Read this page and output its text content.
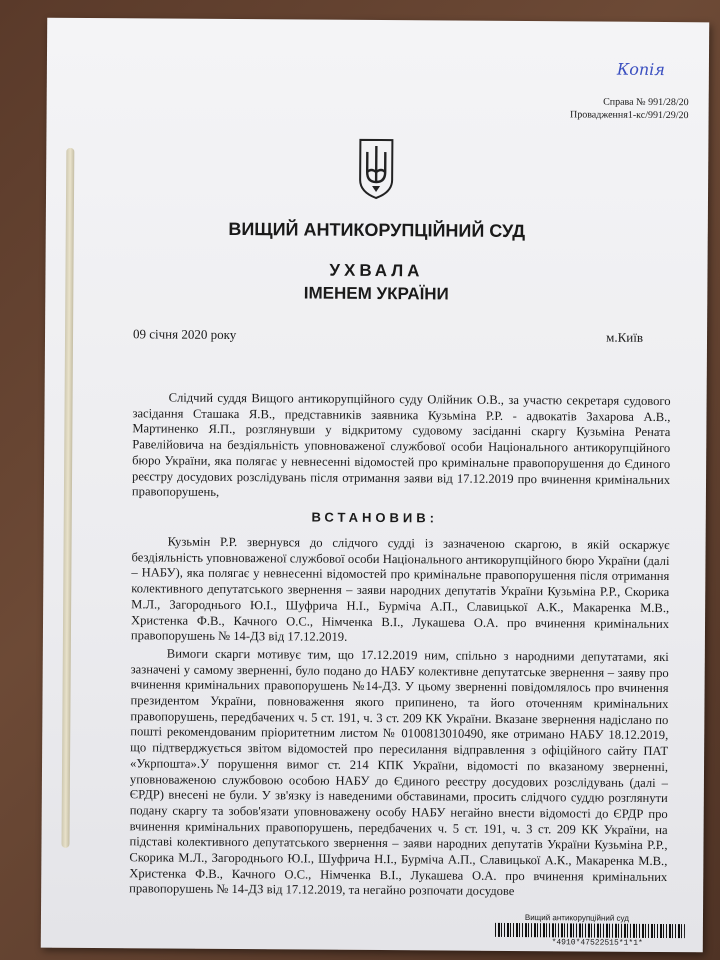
Копія
Справа № 991/28/20
Провадження1-кс/991/29/20
ВИЩИЙ АНТИКОРУПЦІЙНИЙ СУД
УХВАЛА
ІМЕНЕМ УКРАЇНИ
09 січня 2020 року	м.Київ

Слідчий суддя Вищого антикорупційного суду Олійник О.В., за участю секретаря судового засідання Сташака Я.В., представників заявника Кузьміна Р.Р. - адвокатів Захарова А.В., Мартиненко Я.П., розглянувши у відкритому судовому засіданні скаргу Кузьміна Рената Равелійовича на бездіяльність уповноваженої службової особи Національного антикорупційного бюро України, яка полягає у невнесенні відомостей про кримінальне правопорушення до Єдиного реєстру досудових розслідувань після отримання заяви від 17.12.2019 про вчинення кримінальних правопорушень,

ВСТАНОВИВ:

Кузьмін Р.Р. звернувся до слідчого судді із зазначеною скаргою, в якій оскаржує бездіяльність уповноваженої службової особи Національного антикорупційного бюро України (далі – НАБУ), яка полягає у невнесенні відомостей про кримінальне правопорушення після отримання колективного депутатського звернення – заяви народних депутатів України Кузьміна Р.Р., Скорика М.Л., Загороднього Ю.І., Шуфрича Н.І., Бурміча А.П., Славицької А.К., Макаренка М.В., Христенка Ф.В., Качного О.С., Німченка В.І., Лукашева О.А. про вчинення кримінальних правопорушень № 14-ДЗ від 17.12.2019.

Вимоги скарги мотивує тим, що 17.12.2019 ним, спільно з народними депутатами, які зазначені у самому зверненні, було подано до НАБУ колективне депутатське звернення – заяву про вчинення кримінальних правопорушень №14-ДЗ. У цьому зверненні повідомлялось про вчинення президентом України, повноваження якого припинено, та його оточенням кримінальних правопорушень, передбачених ч. 5 ст. 191, ч. 3 ст. 209 КК України. Вказане звернення надіслано по пошті рекомендованим пріоритетним листом № 0100813010490, яке отримано НАБУ 18.12.2019, що підтверджується звітом відомостей про пересилання відправлення з офіційного сайту ПАТ «Укрпошта».У порушення вимог ст. 214 КПК України, відомості по вказаному зверненні, уповноваженою службовою особою НАБУ до Єдиного реєстру досудових розслідувань (далі – ЄРДР) внесені не були. У зв'язку із наведеними обставинами, просить слідчого суддю розглянути подану скаргу та зобов'язати уповноважену особу НАБУ негайно внести відомості до ЄРДР про вчинення кримінальних правопорушень, передбачених ч. 5 ст. 191, ч. 3 ст. 209 КК України, на підставі колективного депутатського звернення – заяви народних депутатів України Кузьміна Р.Р., Скорика М.Л., Загороднього Ю.І., Шуфрича Н.І., Бурміча А.П., Славицької А.К., Макаренка М.В., Христенка Ф.В., Качного О.С., Німченка В.І., Лукашева О.А. про вчинення кримінальних правопорушень № 14-ДЗ від 17.12.2019, та негайно розпочати досудове

Вищий антикорупційний суд
*4910*47522515*1*1*
